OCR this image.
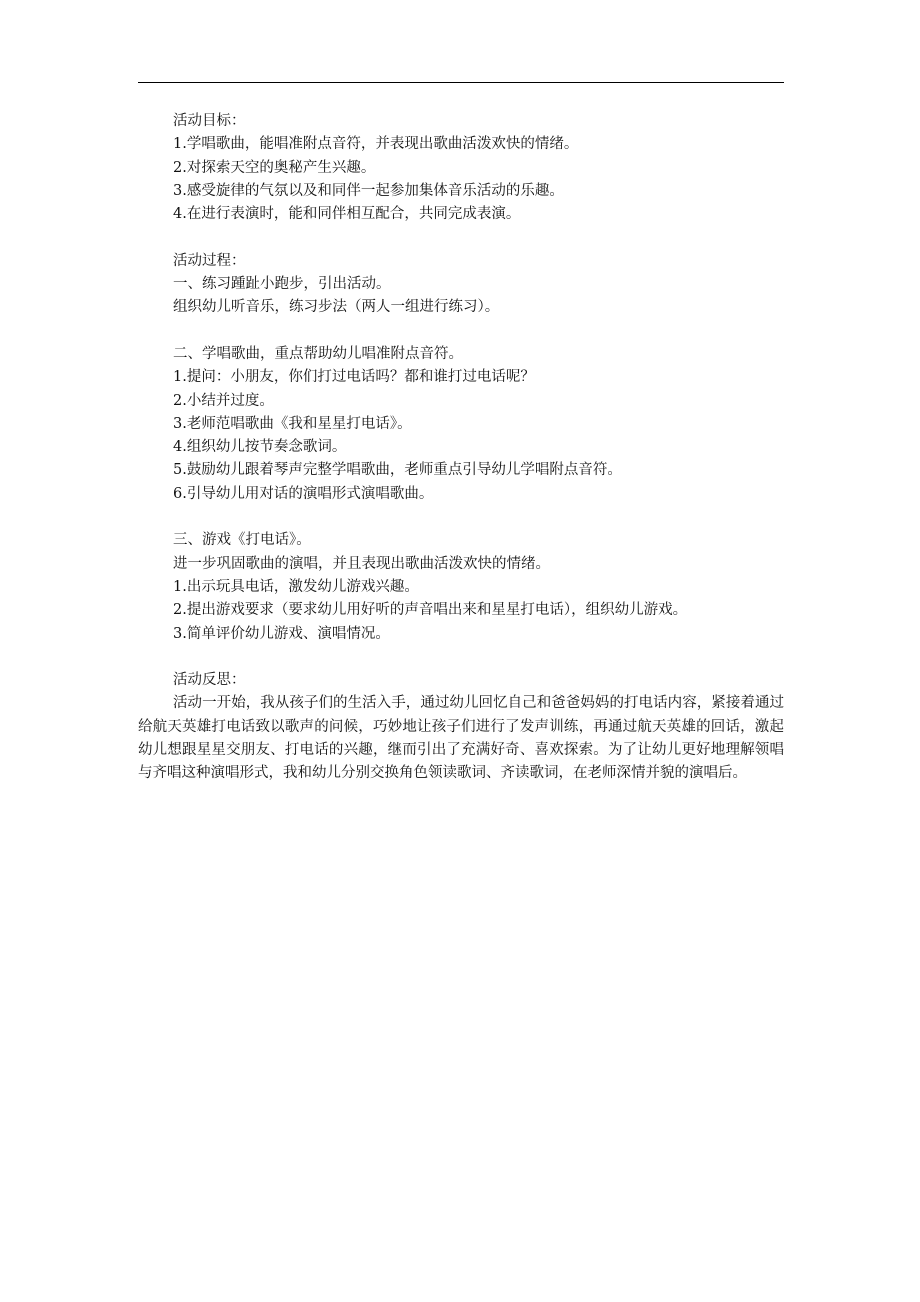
活动目标：

1.学唱歌曲，能唱准附点音符，并表现出歌曲活泼欢快的情绪。

2.对探索天空的奥秘产生兴趣。

3.感受旋律的气氛以及和同伴一起参加集体音乐活动的乐趣。

4.在进行表演时，能和同伴相互配合，共同完成表演。

活动过程：

一、练习踵趾小跑步，引出活动。

组织幼儿听音乐，练习步法（两人一组进行练习）。

二、学唱歌曲，重点帮助幼儿唱准附点音符。

1.提问：小朋友，你们打过电话吗？都和谁打过电话呢？

2.小结并过度。

3.老师范唱歌曲《我和星星打电话》。

4.组织幼儿按节奏念歌词。

5.鼓励幼儿跟着琴声完整学唱歌曲，老师重点引导幼儿学唱附点音符。

6.引导幼儿用对话的演唱形式演唱歌曲。

三、游戏《打电话》。

进一步巩固歌曲的演唱，并且表现出歌曲活泼欢快的情绪。

1.出示玩具电话，激发幼儿游戏兴趣。

2.提出游戏要求（要求幼儿用好听的声音唱出来和星星打电话），组织幼儿游戏。

3.简单评价幼儿游戏、演唱情况。

活动反思：

活动一开始，我从孩子们的生活入手，通过幼儿回忆自己和爸爸妈妈的打电话内容，紧接着通过给航天英雄打电话致以歌声的问候，巧妙地让孩子们进行了发声训练，再通过航天英雄的回话，激起幼儿想跟星星交朋友、打电话的兴趣，继而引出了充满好奇、喜欢探索。为了让幼儿更好地理解领唱与齐唱这种演唱形式，我和幼儿分别交换角色领读歌词、齐读歌词，在老师深情并貌的演唱后。
